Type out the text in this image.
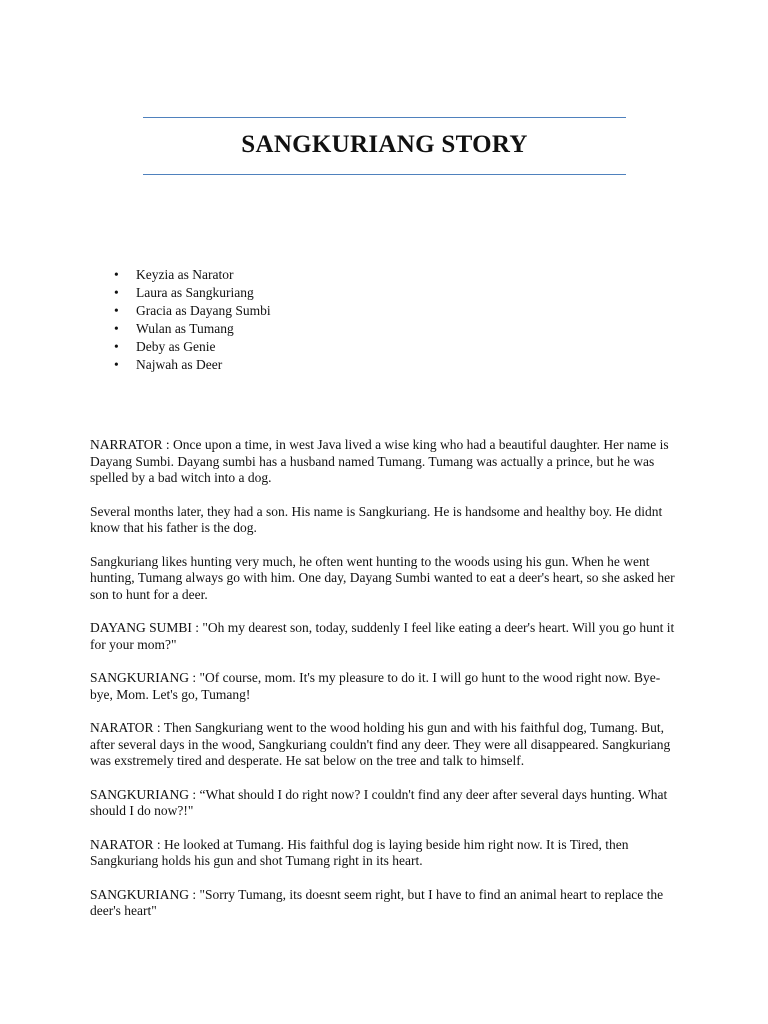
SANGKURIANG STORY
• Keyzia as Narator
• Laura as Sangkuriang
• Gracia as Dayang Sumbi
• Wulan as Tumang
• Deby as Genie
• Najwah as Deer

NARRATOR : Once upon a time, in west Java lived a wise king who had a beautiful daughter. Her name is Dayang Sumbi. Dayang sumbi has a husband named Tumang. Tumang was actually a prince, but he was spelled by a bad witch into a dog.

Several months later, they had a son. His name is Sangkuriang. He is handsome and healthy boy. He didnt know that his father is the dog.

Sangkuriang likes hunting very much, he often went hunting to the woods using his gun. When he went hunting, Tumang always go with him. One day, Dayang Sumbi wanted to eat a deer's heart, so she asked her son to hunt for a deer.

DAYANG SUMBI : "Oh my dearest son, today, suddenly I feel like eating a deer's heart. Will you go hunt it for your mom?"

SANGKURIANG : "Of course, mom. It's my pleasure to do it. I will go hunt to the wood right now. Bye-bye, Mom. Let's go, Tumang!

NARATOR : Then Sangkuriang went to the wood holding his gun and with his faithful dog, Tumang. But, after several days in the wood, Sangkuriang couldn't find any deer. They were all disappeared. Sangkuriang was exstremely tired and desperate. He sat below on the tree and talk to himself.

SANGKURIANG : “What should I do right now? I couldn't find any deer after several days hunting. What should I do now?!"

NARATOR : He looked at Tumang. His faithful dog is laying beside him right now. It is Tired, then Sangkuriang holds his gun and shot Tumang right in its heart.

SANGKURIANG : "Sorry Tumang, its doesnt seem right, but I have to find an animal heart to replace the deer's heart"
